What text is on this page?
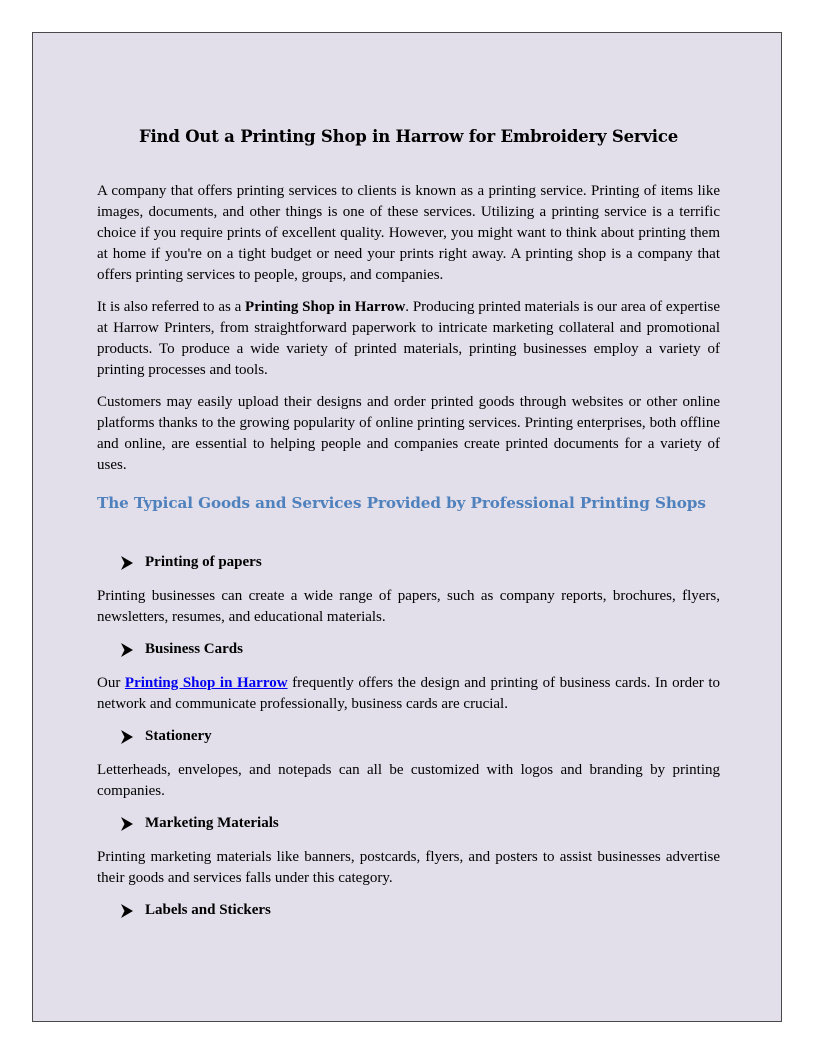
Find Out a Printing Shop in Harrow for Embroidery Service

A company that offers printing services to clients is known as a printing service. Printing of items like images, documents, and other things is one of these services. Utilizing a printing service is a terrific choice if you require prints of excellent quality. However, you might want to think about printing them at home if you're on a tight budget or need your prints right away. A printing shop is a company that offers printing services to people, groups, and companies.

It is also referred to as a Printing Shop in Harrow. Producing printed materials is our area of expertise at Harrow Printers, from straightforward paperwork to intricate marketing collateral and promotional products. To produce a wide variety of printed materials, printing businesses employ a variety of printing processes and tools.

Customers may easily upload their designs and order printed goods through websites or other online platforms thanks to the growing popularity of online printing services. Printing enterprises, both offline and online, are essential to helping people and companies create printed documents for a variety of uses.

The Typical Goods and Services Provided by Professional Printing Shops
Printing of papers

Printing businesses can create a wide range of papers, such as company reports, brochures, flyers, newsletters, resumes, and educational materials.

Business Cards

Our Printing Shop in Harrow frequently offers the design and printing of business cards. In order to network and communicate professionally, business cards are crucial.

Stationery

Letterheads, envelopes, and notepads can all be customized with logos and branding by printing companies.

Marketing Materials

Printing marketing materials like banners, postcards, flyers, and posters to assist businesses advertise their goods and services falls under this category.

Labels and Stickers
